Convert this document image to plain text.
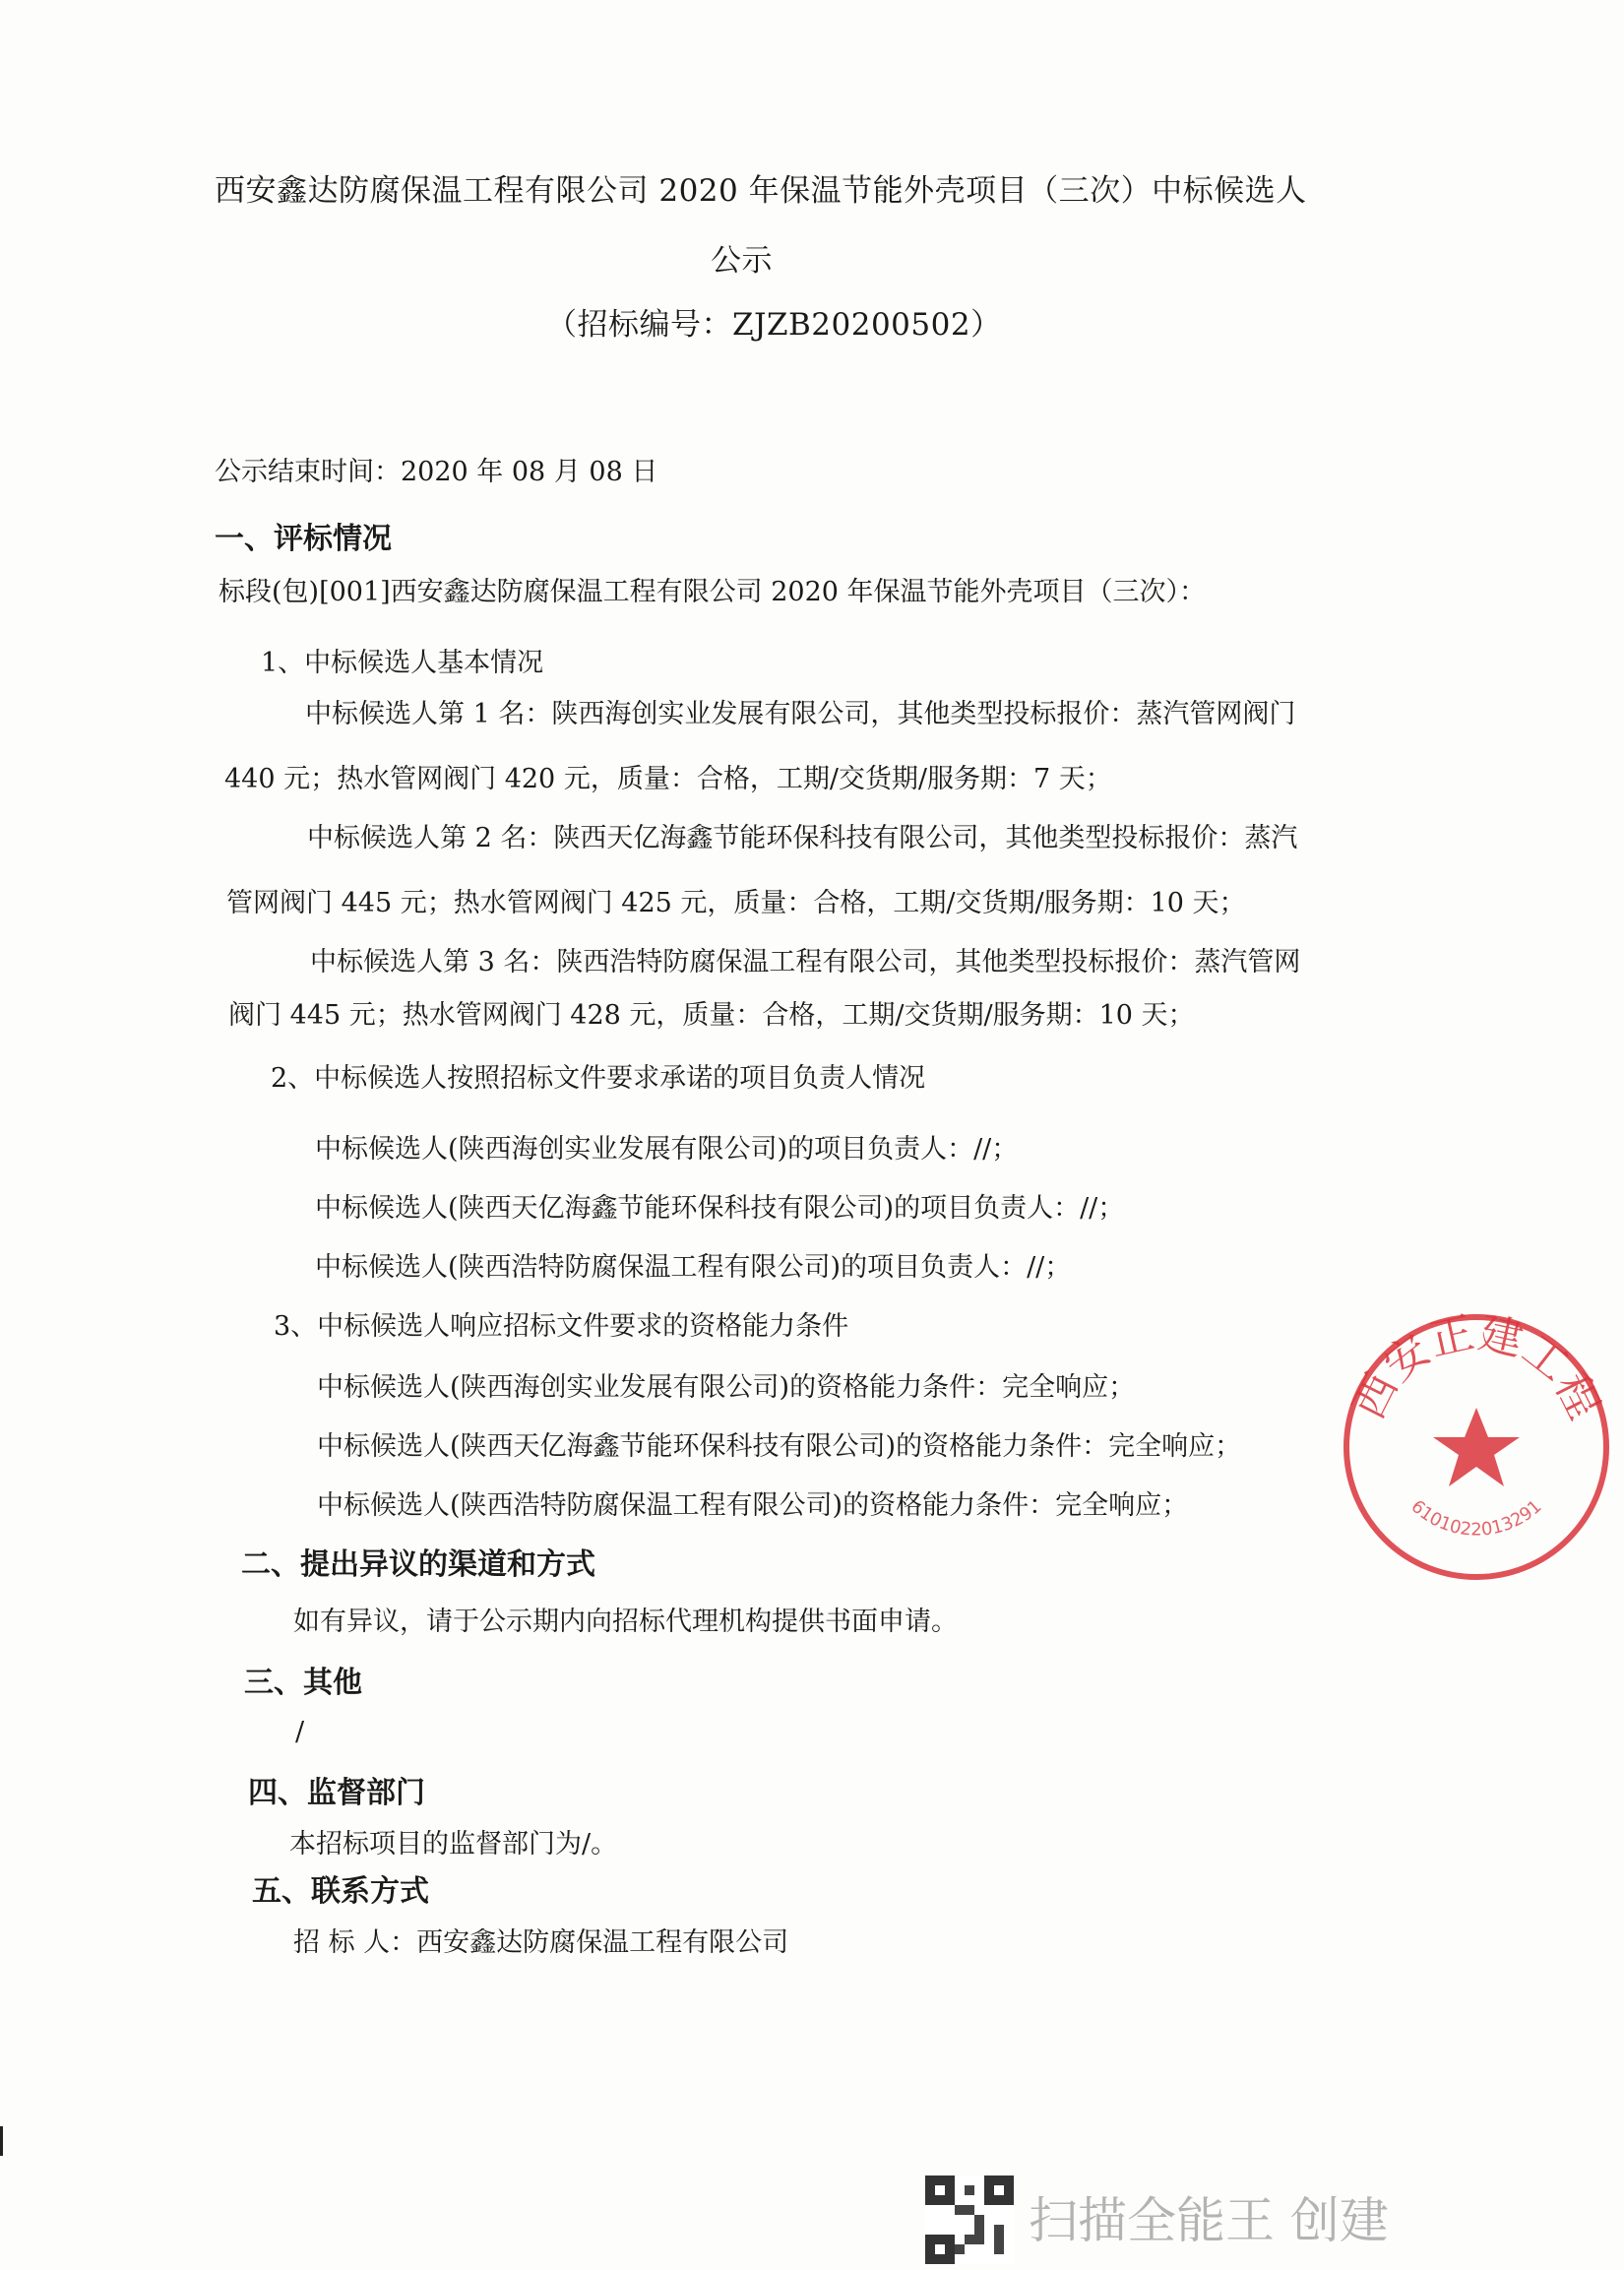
西安鑫达防腐保温工程有限公司 2020 年保温节能外壳项目（三次）中标候选人
公示
（招标编号：ZJZB20200502）
公示结束时间：2020 年 08 月 08 日
一、评标情况
标段(包)[001]西安鑫达防腐保温工程有限公司 2020 年保温节能外壳项目（三次）：
1、中标候选人基本情况
中标候选人第 1 名：陕西海创实业发展有限公司，其他类型投标报价：蒸汽管网阀门
440 元；热水管网阀门 420 元，质量：合格，工期/交货期/服务期：7 天；
中标候选人第 2 名：陕西天亿海鑫节能环保科技有限公司，其他类型投标报价：蒸汽
管网阀门 445 元；热水管网阀门 425 元，质量：合格，工期/交货期/服务期：10 天；
中标候选人第 3 名：陕西浩特防腐保温工程有限公司，其他类型投标报价：蒸汽管网
阀门 445 元；热水管网阀门 428 元，质量：合格，工期/交货期/服务期：10 天；
2、中标候选人按照招标文件要求承诺的项目负责人情况
中标候选人(陕西海创实业发展有限公司)的项目负责人：//；
中标候选人(陕西天亿海鑫节能环保科技有限公司)的项目负责人：//；
中标候选人(陕西浩特防腐保温工程有限公司)的项目负责人：//；
3、中标候选人响应招标文件要求的资格能力条件
中标候选人(陕西海创实业发展有限公司)的资格能力条件：完全响应；
中标候选人(陕西天亿海鑫节能环保科技有限公司)的资格能力条件：完全响应；
中标候选人(陕西浩特防腐保温工程有限公司)的资格能力条件：完全响应；
二、提出异议的渠道和方式
如有异议，请于公示期内向招标代理机构提供书面申请。
三、其他
/
四、监督部门
本招标项目的监督部门为/。
五、联系方式
招 标 人：西安鑫达防腐保温工程有限公司
西安正建工程
6101022013291
扫描全能王 创建
